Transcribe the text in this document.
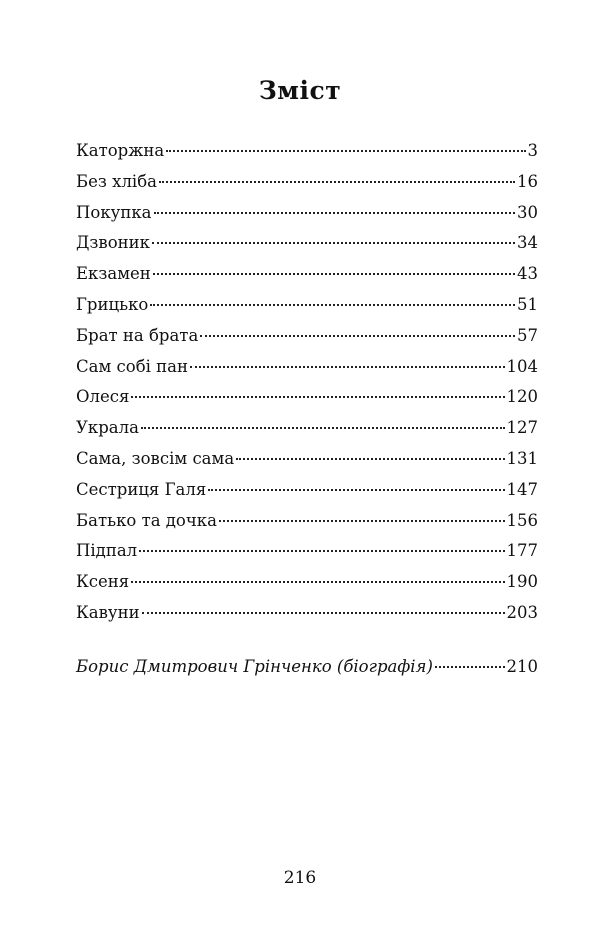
Зміст
Каторжна	3
Без хліба	16
Покупка	30
Дзвоник	34
Екзамен	43
Грицько	51
Брат на брата	57
Сам собі пан	104
Олеся	120
Украла	127
Сама, зовсім сама	131
Сестриця Галя	147
Батько та дочка	156
Підпал	177
Ксеня	190
Кавуни	203
Борис Дмитрович Грінченко (біографія)	210
216
